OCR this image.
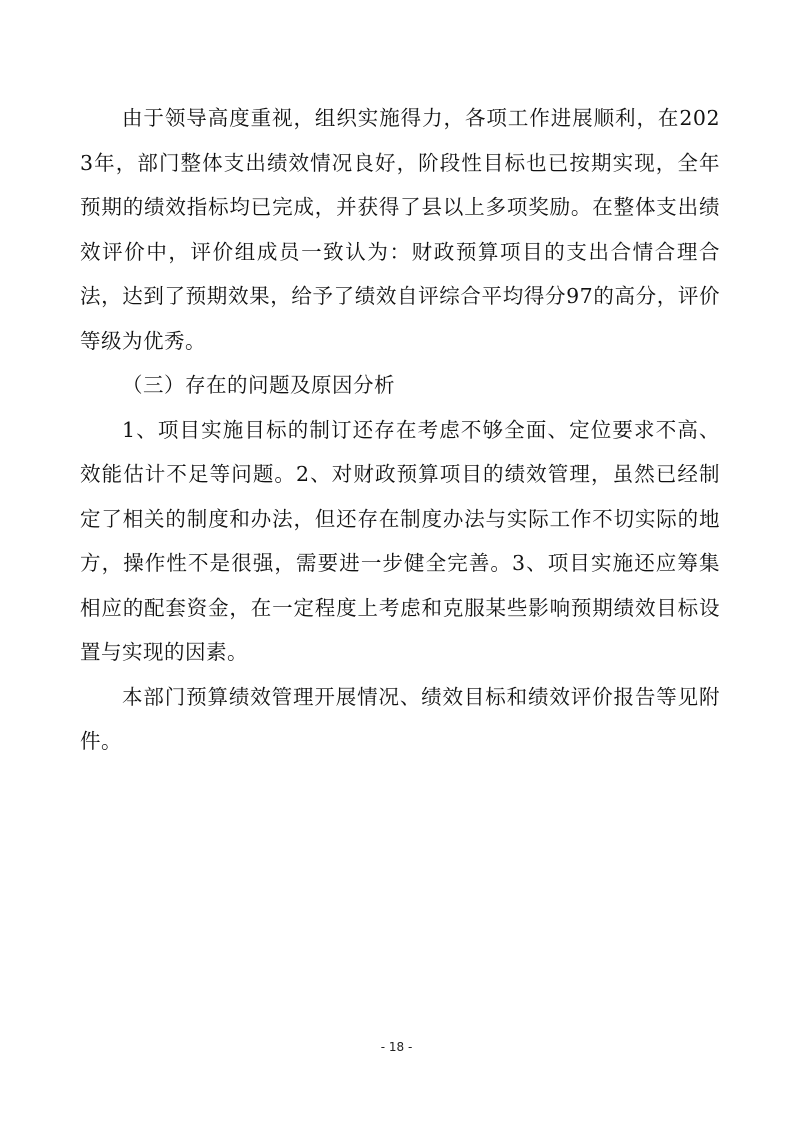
由于领导高度重视，组织实施得力，各项工作进展顺利，在2023年，部门整体支出绩效情况良好，阶段性目标也已按期实现，全年预期的绩效指标均已完成，并获得了县以上多项奖励。在整体支出绩效评价中，评价组成员一致认为：财政预算项目的支出合情合理合法，达到了预期效果，给予了绩效自评综合平均得分97的高分，评价等级为优秀。

（三）存在的问题及原因分析

1、项目实施目标的制订还存在考虑不够全面、定位要求不高、效能估计不足等问题。2、对财政预算项目的绩效管理，虽然已经制定了相关的制度和办法，但还存在制度办法与实际工作不切实际的地方，操作性不是很强，需要进一步健全完善。3、项目实施还应筹集相应的配套资金，在一定程度上考虑和克服某些影响预期绩效目标设置与实现的因素。

本部门预算绩效管理开展情况、绩效目标和绩效评价报告等见附件。

- 18 -
